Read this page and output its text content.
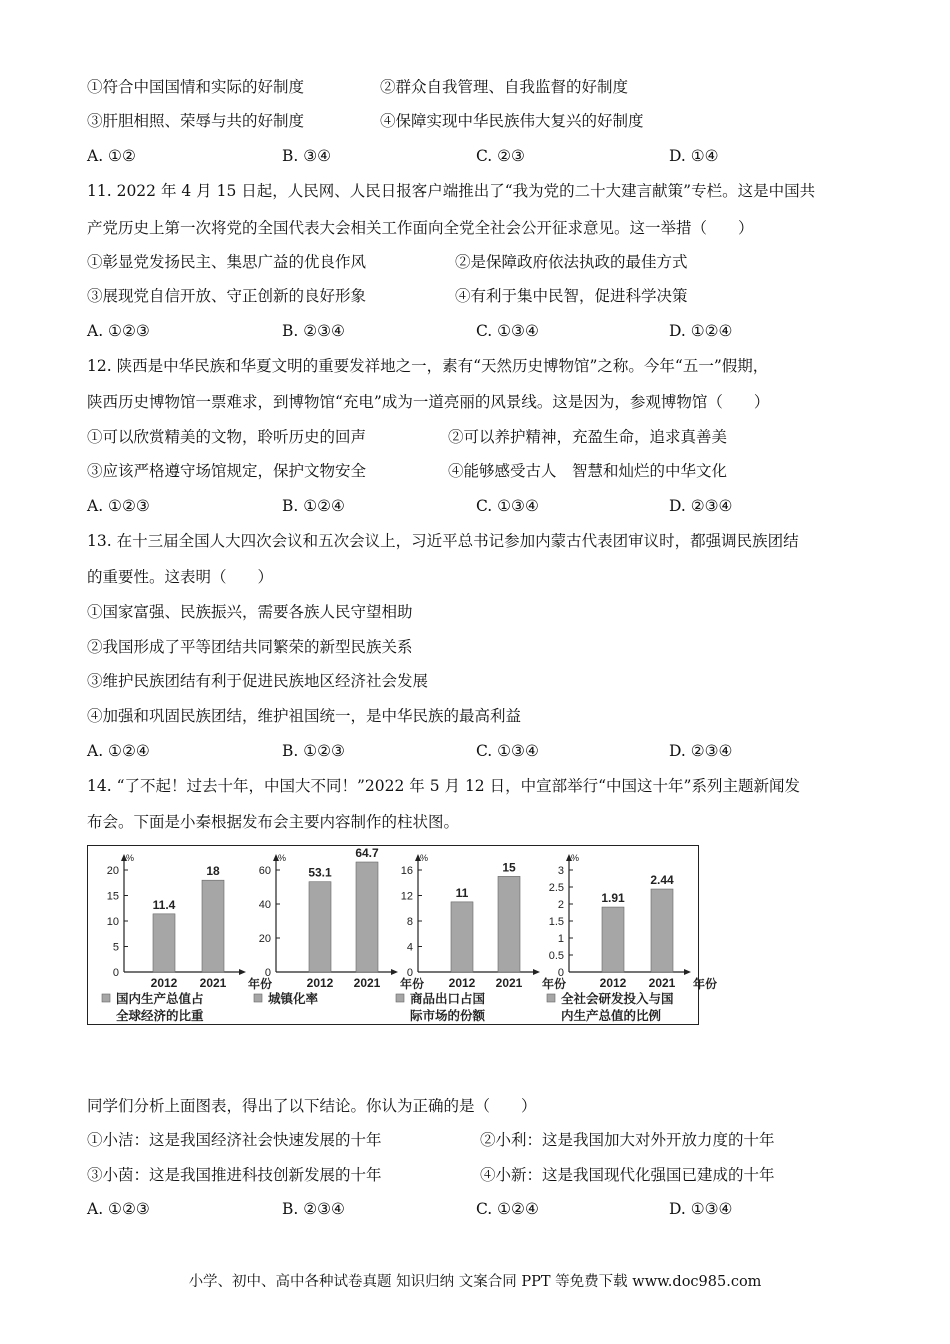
①符合中国国情和实际的好制度	②群众自我管理、自我监督的好制度
③肝胆相照、荣辱与共的好制度	④保障实现中华民族伟大复兴的好制度
A. ①②	B. ③④	C. ②③	D. ①④
11. 2022 年 4 月 15 日起，人民网、人民日报客户端推出了“我为党的二十大建言献策”专栏。这是中国共
产党历史上第一次将党的全国代表大会相关工作面向全党全社会公开征求意见。这一举措（　　）
①彰显党发扬民主、集思广益的优良作风	②是保障政府依法执政的最佳方式
③展现党自信开放、守正创新的良好形象	④有利于集中民智，促进科学决策
A. ①②③	B. ②③④	C. ①③④	D. ①②④
12. 陕西是中华民族和华夏文明的重要发祥地之一，素有“天然历史博物馆”之称。今年“五一”假期，
陕西历史博物馆一票难求，到博物馆“充电”成为一道亮丽的风景线。这是因为，参观博物馆（　　）
①可以欣赏精美的文物，聆听历史的回声	②可以养护精神，充盈生命，追求真善美
③应该严格遵守场馆规定，保护文物安全	④能够感受古人　智慧和灿烂的中华文化
A. ①②③	B. ①②④	C. ①③④	D. ②③④
13. 在十三届全国人大四次会议和五次会议上，习近平总书记参加内蒙古代表团审议时，都强调民族团结
的重要性。这表明（　　）
①国家富强、民族振兴，需要各族人民守望相助
②我国形成了平等团结共同繁荣的新型民族关系
③维护民族团结有利于促进民族地区经济社会发展
④加强和巩固民族团结，维护祖国统一，是中华民族的最高利益
A. ①②④	B. ①②③	C. ①③④	D. ②③④
14. “了不起！过去十年，中国大不同！”2022 年 5 月 12 日，中宣部举行“中国这十年”系列主题新闻发
布会。下面是小秦根据发布会主要内容制作的柱状图。
%
年份
0
5
10
15
20
11.4
2012
18
2021
国内生产总值占
全球经济的比重
%
年份
0
20
40
60	53.1
2012
64.7
2021
城镇化率
%
年份
0
4
8
12
16
11
2012
15
2021
商品出口占国
际市场的份额
%
年份
0
0.5
1
1.5
2
2.5
3
1.91
2012
2.44
2021
全社会研发投入与国
内生产总值的比例
同学们分析上面图表，得出了以下结论。你认为正确的是（　　）
①小洁：这是我国经济社会快速发展的十年	②小利：这是我国加大对外开放力度的十年
③小茵：这是我国推进科技创新发展的十年	④小新：这是我国现代化强国已建成的十年
A. ①②③	B. ②③④	C. ①②④	D. ①③④
小学、初中、高中各种试卷真题 知识归纳 文案合同 PPT 等免费下载 www.doc985.com
